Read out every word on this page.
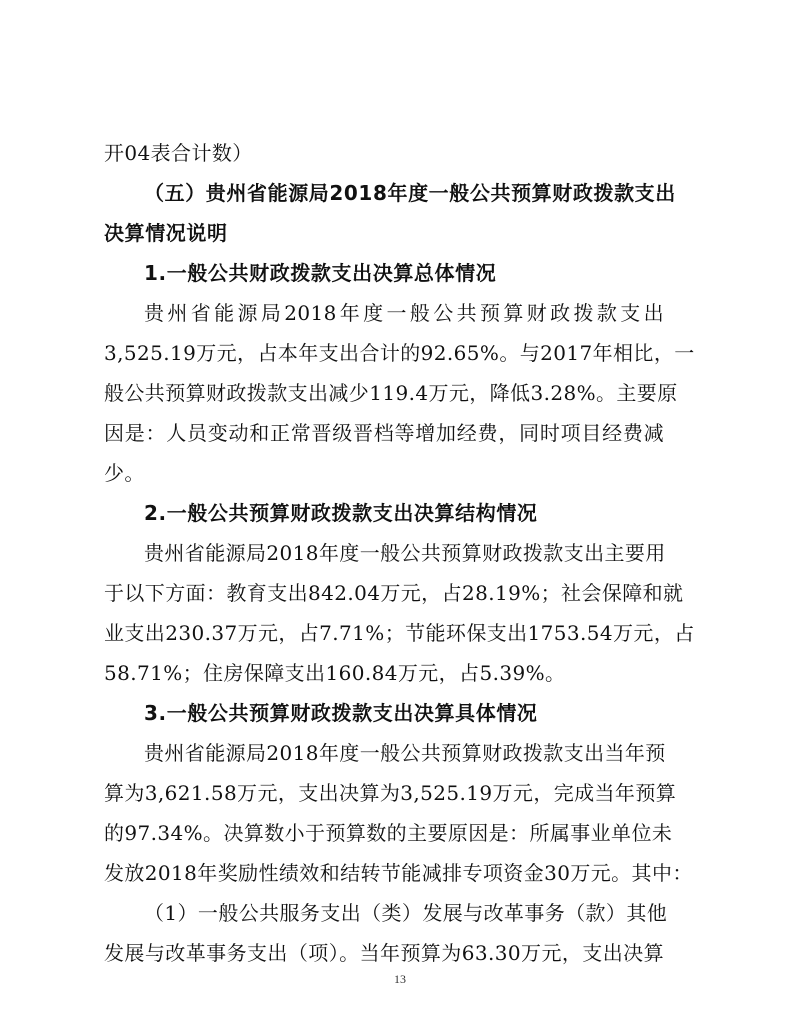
开04表合计数）
（五）贵州省能源局2018年度一般公共预算财政拨款支出
决算情况说明
1.一般公共财政拨款支出决算总体情况
贵州省能源局2018年度一般公共预算财政拨款支出
3,525.19万元，占本年支出合计的92.65%。与2017年相比，一
般公共预算财政拨款支出减少119.4万元，降低3.28%。主要原
因是：人员变动和正常晋级晋档等增加经费，同时项目经费减
少。
2.一般公共预算财政拨款支出决算结构情况
贵州省能源局2018年度一般公共预算财政拨款支出主要用
于以下方面：教育支出842.04万元，占28.19%；社会保障和就
业支出230.37万元，占7.71%；节能环保支出1753.54万元，占
58.71%；住房保障支出160.84万元，占5.39%。
3.一般公共预算财政拨款支出决算具体情况
贵州省能源局2018年度一般公共预算财政拨款支出当年预
算为3,621.58万元，支出决算为3,525.19万元，完成当年预算
的97.34%。决算数小于预算数的主要原因是：所属事业单位未
发放2018年奖励性绩效和结转节能减排专项资金30万元。其中：
（1）一般公共服务支出（类）发展与改革事务（款）其他
发展与改革事务支出（项）。当年预算为63.30万元，支出决算
13
